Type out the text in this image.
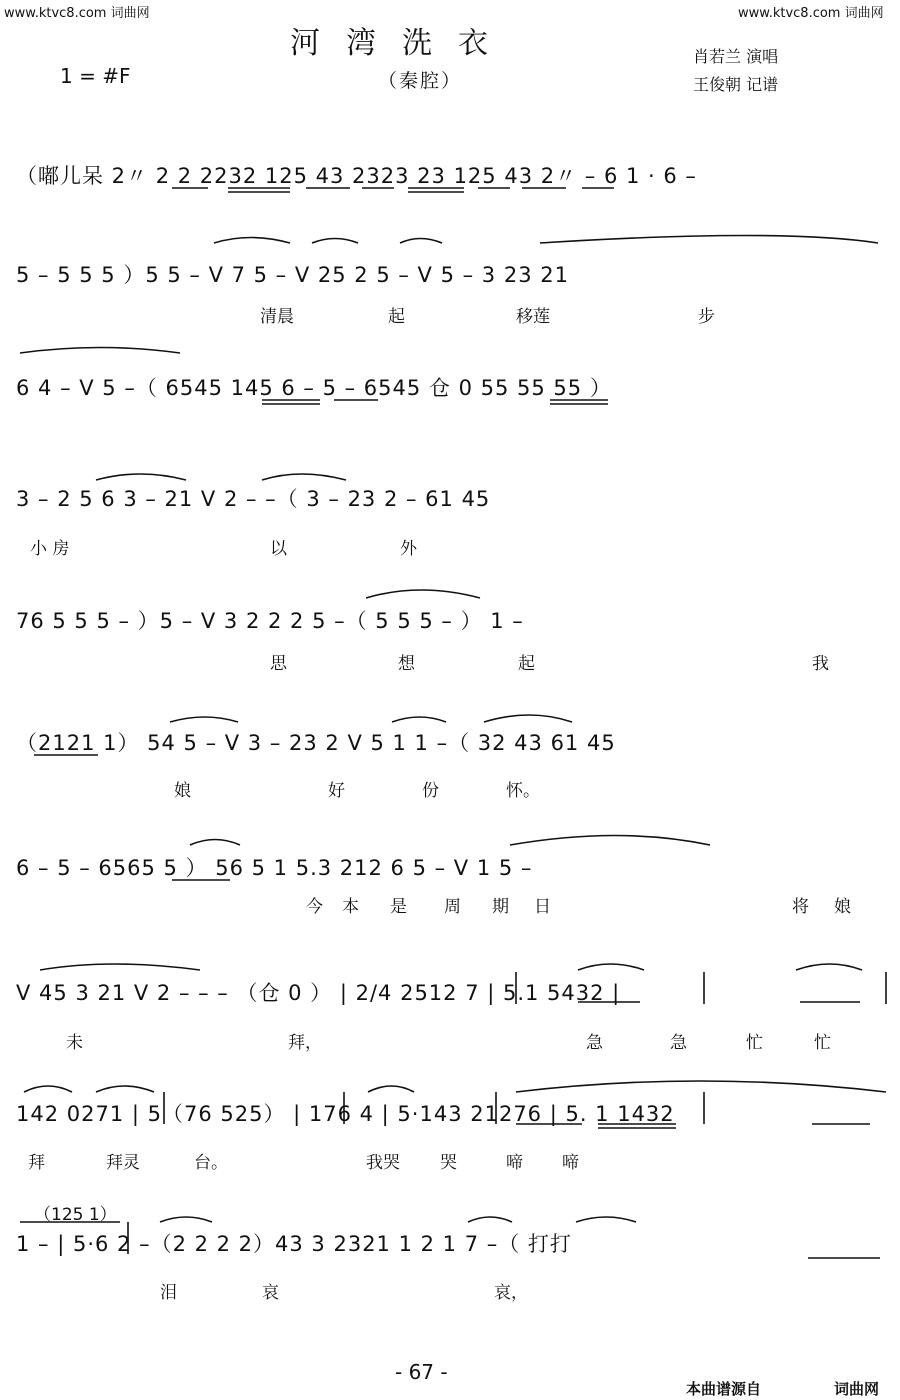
www.ktvc8.com 词曲网	www.ktvc8.com 词曲网
河湾洗衣
（秦腔）
1 = #F
肖若兰 演唱
王俊朝 记谱
（嘟儿呆 2〃 2 2 2232 125 43 2323 23 125 43 2〃 – 6 1 · 6 –
5 – 5 5 5 ）5 5 – V 7 5 – V 25 2 5 – V 5 – 3 23 21
6 4 – V 5 –（ 6545 145 6 – 5 – 6545 仓 0 55 55 55 ）
3 – 2 5 6 3 – 21 V 2 – –（ 3 – 23 2 – 61 45
76 5 5 5 – ）5 – V 3 2 2 2 5 –（ 5 5 5 – ） 1 –
（2121 1） 54 5 – V 3 – 23 2 V 5 1 1 –（ 32 43 61 45
6 – 5 – 6565 5 ） 56 5 1 5.3 212 6 5 – V 1 5 –
V 45 3 21 V 2 – – – （仓 0 ） | 2/4 2512 7 | 5.1 5432 |
142 0271 | 5（76 525） | 176 4 | 5·143 21276 | 5. 1 1432
1 – | 5·6 2 –（2 2 2 2）43 3 2321 1 2 1 7 –（ 打打
（125 1）
清晨	起	移莲	步
小 房	以	外
思	想	起	我
娘	好	份	怀。
今 本 是 周 期 日	将 娘
未	拜，	急	急	忙	忙
拜	拜灵	台。	我哭 哭	啼 啼
泪	哀	哀，
- 67 -
本曲谱源自	词曲网
